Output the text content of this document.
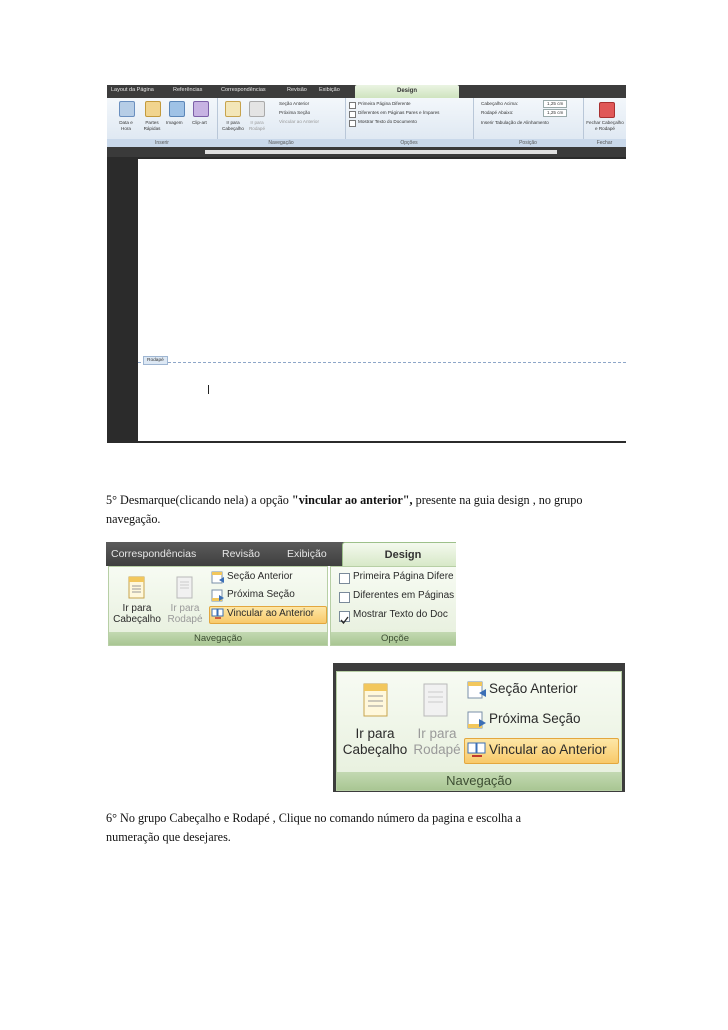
Layout da Página	Referências	Correspondências	Revisão Exibição	Design
Data e Hora
Partes Rápidas
Imagem Clip-art
Inserir
Ir para Cabeçalho
Ir para Rodapé
Seção Anterior
Próxima Seção
Vincular ao Anterior
Navegação
Primeira Página Diferente
Diferentes em Páginas Pares e Ímpares
Mostrar Texto do Documento
Opções
Cabeçalho Acima:	1,25 cm
Rodapé Abaixo:	1,25 cm
Inserir Tabulação de Alinhamento
Posição
Fechar Cabeçalho e Rodapé
Fechar
Rodapé
5° Desmarque(clicando nela) a opção "vincular ao anterior", presente na guia design , no grupo navegação.
Correspondências Revisão	Exibição	Design
Ir para Cabeçalho
Ir para Rodapé
Seção Anterior
Próxima Seção
Vincular ao Anterior
Navegação
Primeira Página Difere
Diferentes em Páginas
Mostrar Texto do Doc
Opçõe
Ir para Cabeçalho
Ir para Rodapé
Seção Anterior
Próxima Seção
Vincular ao Anterior
Navegação
6° No grupo Cabeçalho e Rodapé , Clique no comando número da pagina e escolha a numeração que desejares.
